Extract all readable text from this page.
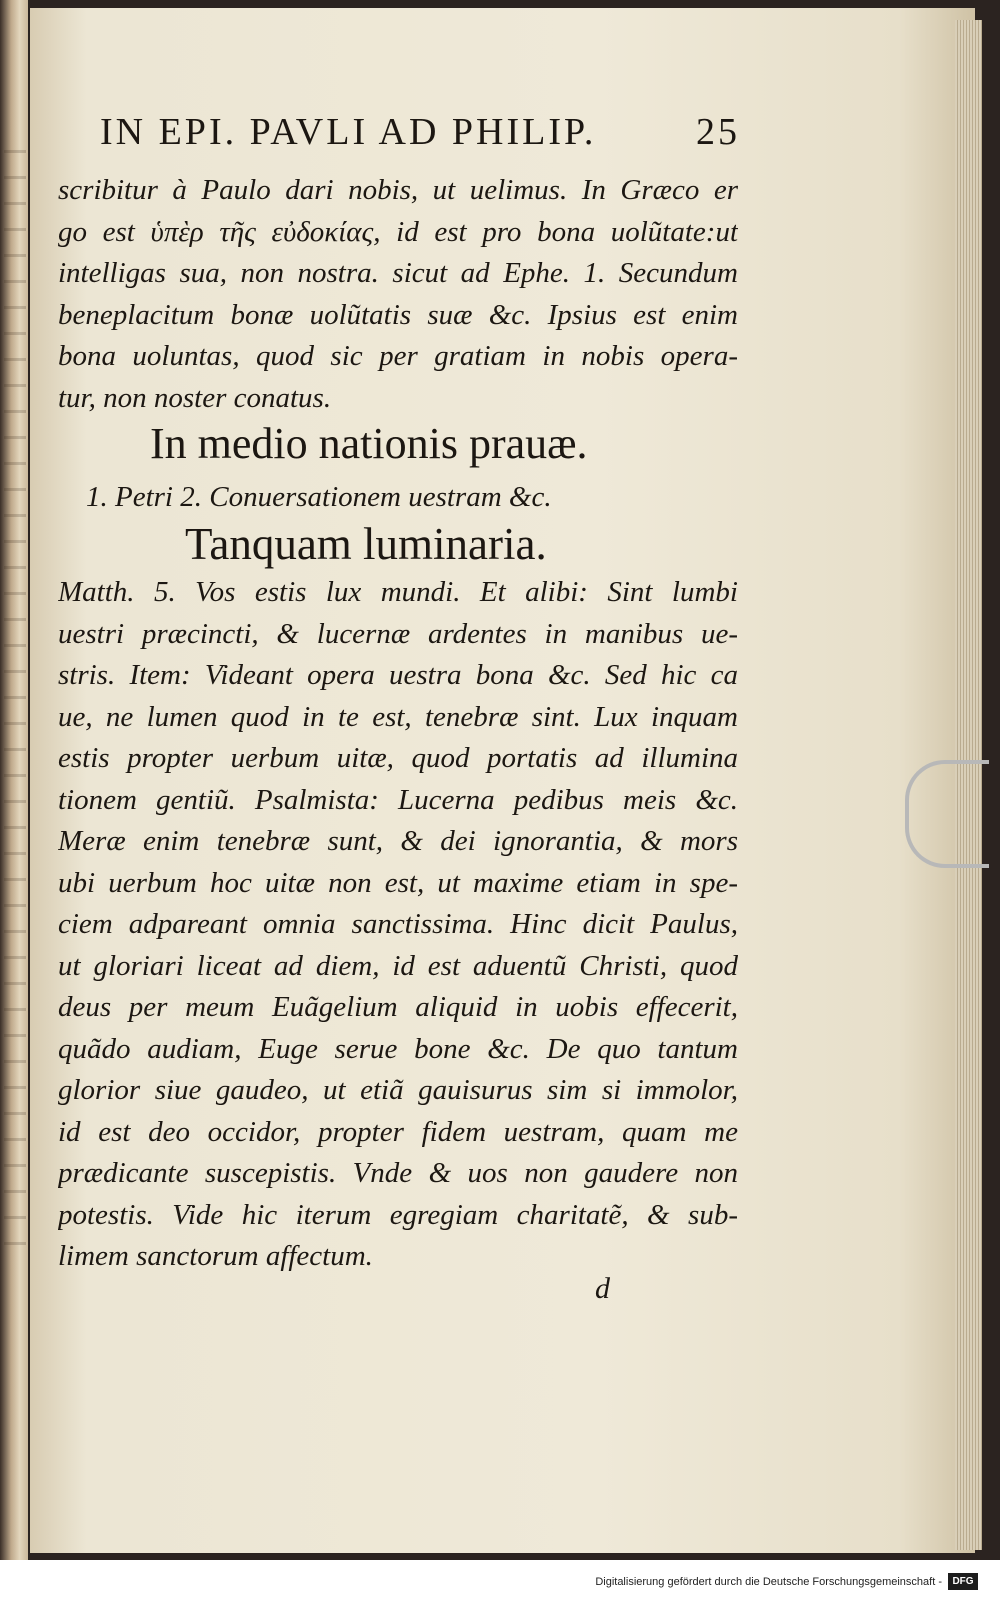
IN EPI. PAVLI AD PHILIP.	25
scribitur à Paulo dari nobis, ut uelimus. In Græco er
go est ὑπὲρ τῆς εὐδοκίας, id est pro bona uolũtate:ut
intelligas sua, non nostra. sicut ad Ephe. 1. Secundum
beneplacitum bonæ uolũtatis suæ &c. Ipsius est enim
bona uoluntas, quod sic per gratiam in nobis opera-
tur, non noster conatus.
In medio nationis prauæ.
1. Petri 2. Conuersationem uestram &c.
Tanquam luminaria.
Matth. 5. Vos estis lux mundi. Et alibi: Sint lumbi
uestri præcincti, & lucernæ ardentes in manibus ue-
stris. Item: Videant opera uestra bona &c. Sed hic ca
ue, ne lumen quod in te est, tenebræ sint. Lux inquam
estis propter uerbum uitæ, quod portatis ad illumina
tionem gentiũ. Psalmista: Lucerna pedibus meis &c.
Meræ enim tenebræ sunt, & dei ignorantia, & mors
ubi uerbum hoc uitæ non est, ut maxime etiam in spe-
ciem adpareant omnia sanctissima. Hinc dicit Paulus,
ut gloriari liceat ad diem, id est aduentũ Christi, quod
deus per meum Euãgelium aliquid in uobis effecerit,
quãdo audiam, Euge serue bone &c. De quo tantum
glorior siue gaudeo, ut etiã gauisurus sim si immolor,
id est deo occidor, propter fidem uestram, quam me
prædicante suscepistis. Vnde & uos non gaudere non
potestis. Vide hic iterum egregiam charitatẽ, & sub-
limem sanctorum affectum.
d
Digitalisierung gefördert durch die Deutsche Forschungsgemeinschaft -	DFG
